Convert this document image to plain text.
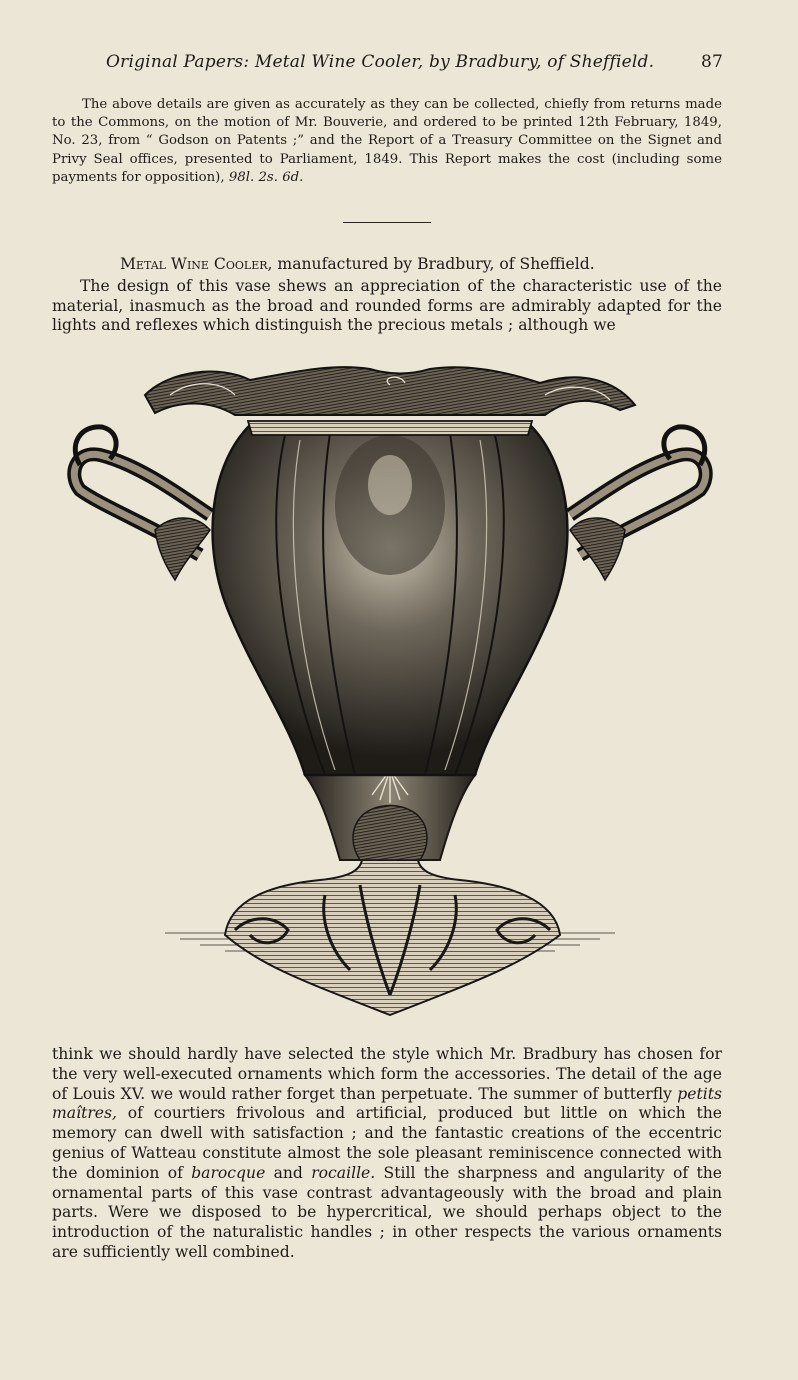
Original Papers: Metal Wine Cooler, by Bradbury, of Sheffield.	87

The above details are given as accurately as they can be collected, chiefly from returns made to the Commons, on the motion of Mr. Bouverie, and ordered to be printed 12th February, 1849, No. 23, from “ Godson on Patents ;” and the Report of a Treasury Committee on the Signet and Privy Seal offices, presented to Parliament, 1849. This Report makes the cost (including some payments for opposition), 98l. 2s. 6d.

Metal Wine Cooler, manufactured by Bradbury, of Sheffield.

The design of this vase shews an appreciation of the characteristic use of the material, inasmuch as the broad and rounded forms are admirably adapted for the lights and reflexes which distinguish the precious metals ; although we

think we should hardly have selected the style which Mr. Bradbury has chosen for the very well-executed ornaments which form the accessories. The detail of the age of Louis XV. we would rather forget than perpetuate. The summer of butterfly petits maîtres, of courtiers frivolous and artificial, produced but little on which the memory can dwell with satisfaction ; and the fantastic creations of the eccentric genius of Watteau constitute almost the sole pleasant reminiscence connected with the dominion of barocque and rocaille. Still the sharpness and angularity of the ornamental parts of this vase contrast advantageously with the broad and plain parts. Were we disposed to be hypercritical, we should perhaps object to the introduction of the naturalistic handles ; in other respects the various ornaments are sufficiently well combined.
